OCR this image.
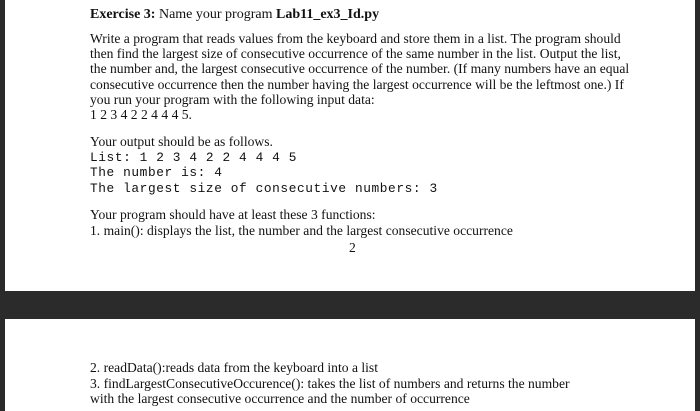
Exercise 3: Name your program Lab11_ex3_Id.py
Write a program that reads values from the keyboard and store them in a list. The program should
then find the largest size of consecutive occurrence of the same number in the list. Output the list,
the number and, the largest consecutive occurrence of the number. (If many numbers have an equal
consecutive occurrence then the number having the largest occurrence will be the leftmost one.) If
you run your program with the following input data:
1 2 3 4 2 2 4 4 4 5.
Your output should be as follows.
List: 1 2 3 4 2 2 4 4 4 5
The number is: 4
The largest size of consecutive numbers: 3
Your program should have at least these 3 functions:
1. main(): displays the list, the number and the largest consecutive occurrence
2
2. readData():reads data from the keyboard into a list
3. findLargestConsecutiveOccurence(): takes the list of numbers and returns the number
with the largest consecutive occurrence and the number of occurrence
